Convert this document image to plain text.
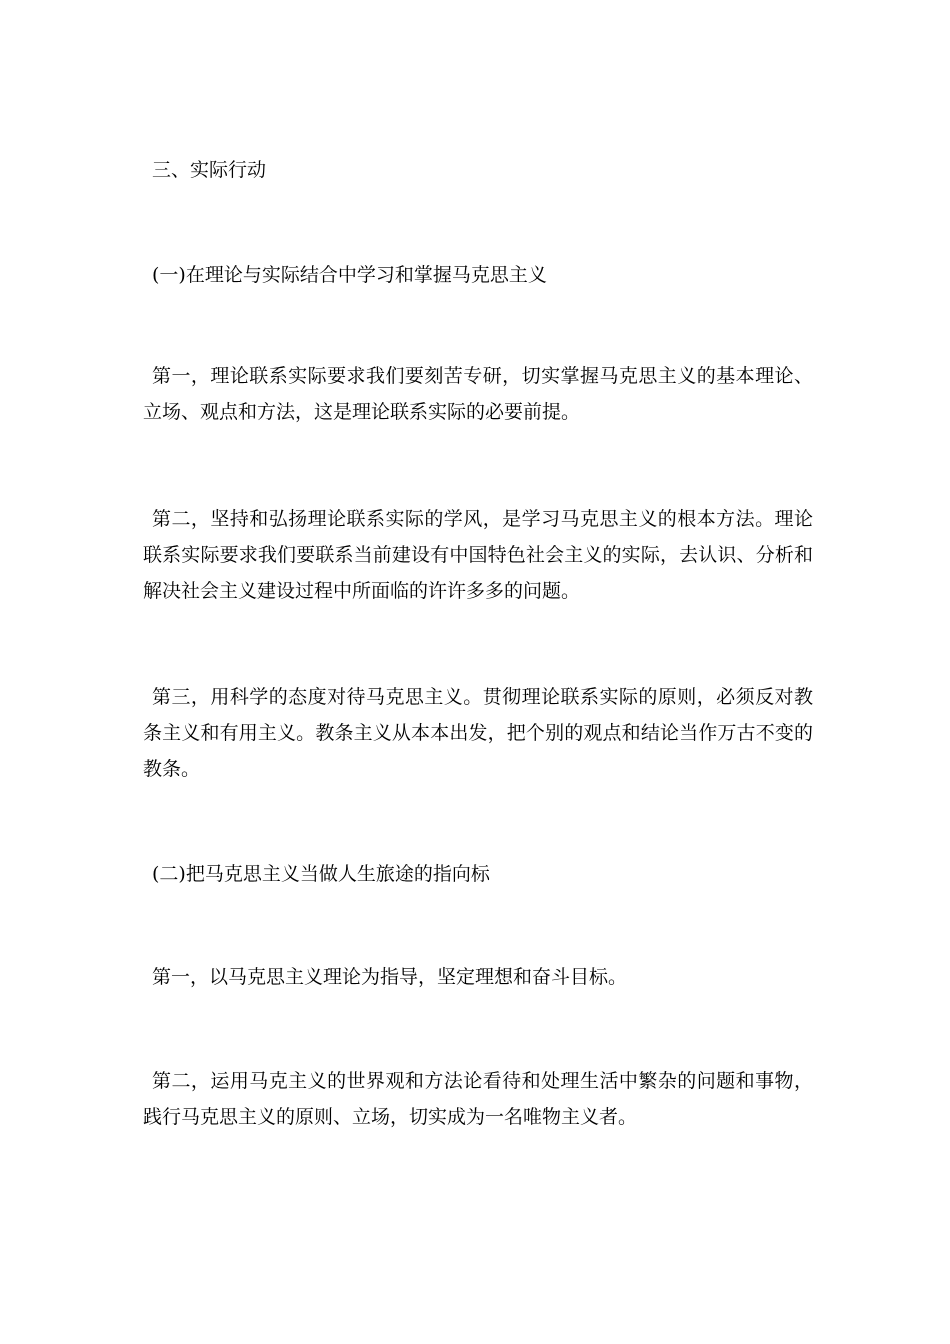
三、实际行动

(一)在理论与实际结合中学习和掌握马克思主义

第一，理论联系实际要求我们要刻苦专研，切实掌握马克思主义的基本理论、立场、观点和方法，这是理论联系实际的必要前提。

第二，坚持和弘扬理论联系实际的学风，是学习马克思主义的根本方法。理论联系实际要求我们要联系当前建设有中国特色社会主义的实际，去认识、分析和解决社会主义建设过程中所面临的许许多多的问题。

第三，用科学的态度对待马克思主义。贯彻理论联系实际的原则，必须反对教条主义和有用主义。教条主义从本本出发，把个别的观点和结论当作万古不变的教条。

(二)把马克思主义当做人生旅途的指向标

第一，以马克思主义理论为指导，坚定理想和奋斗目标。

第二，运用马克主义的世界观和方法论看待和处理生活中繁杂的问题和事物，践行马克思主义的原则、立场，切实成为一名唯物主义者。
